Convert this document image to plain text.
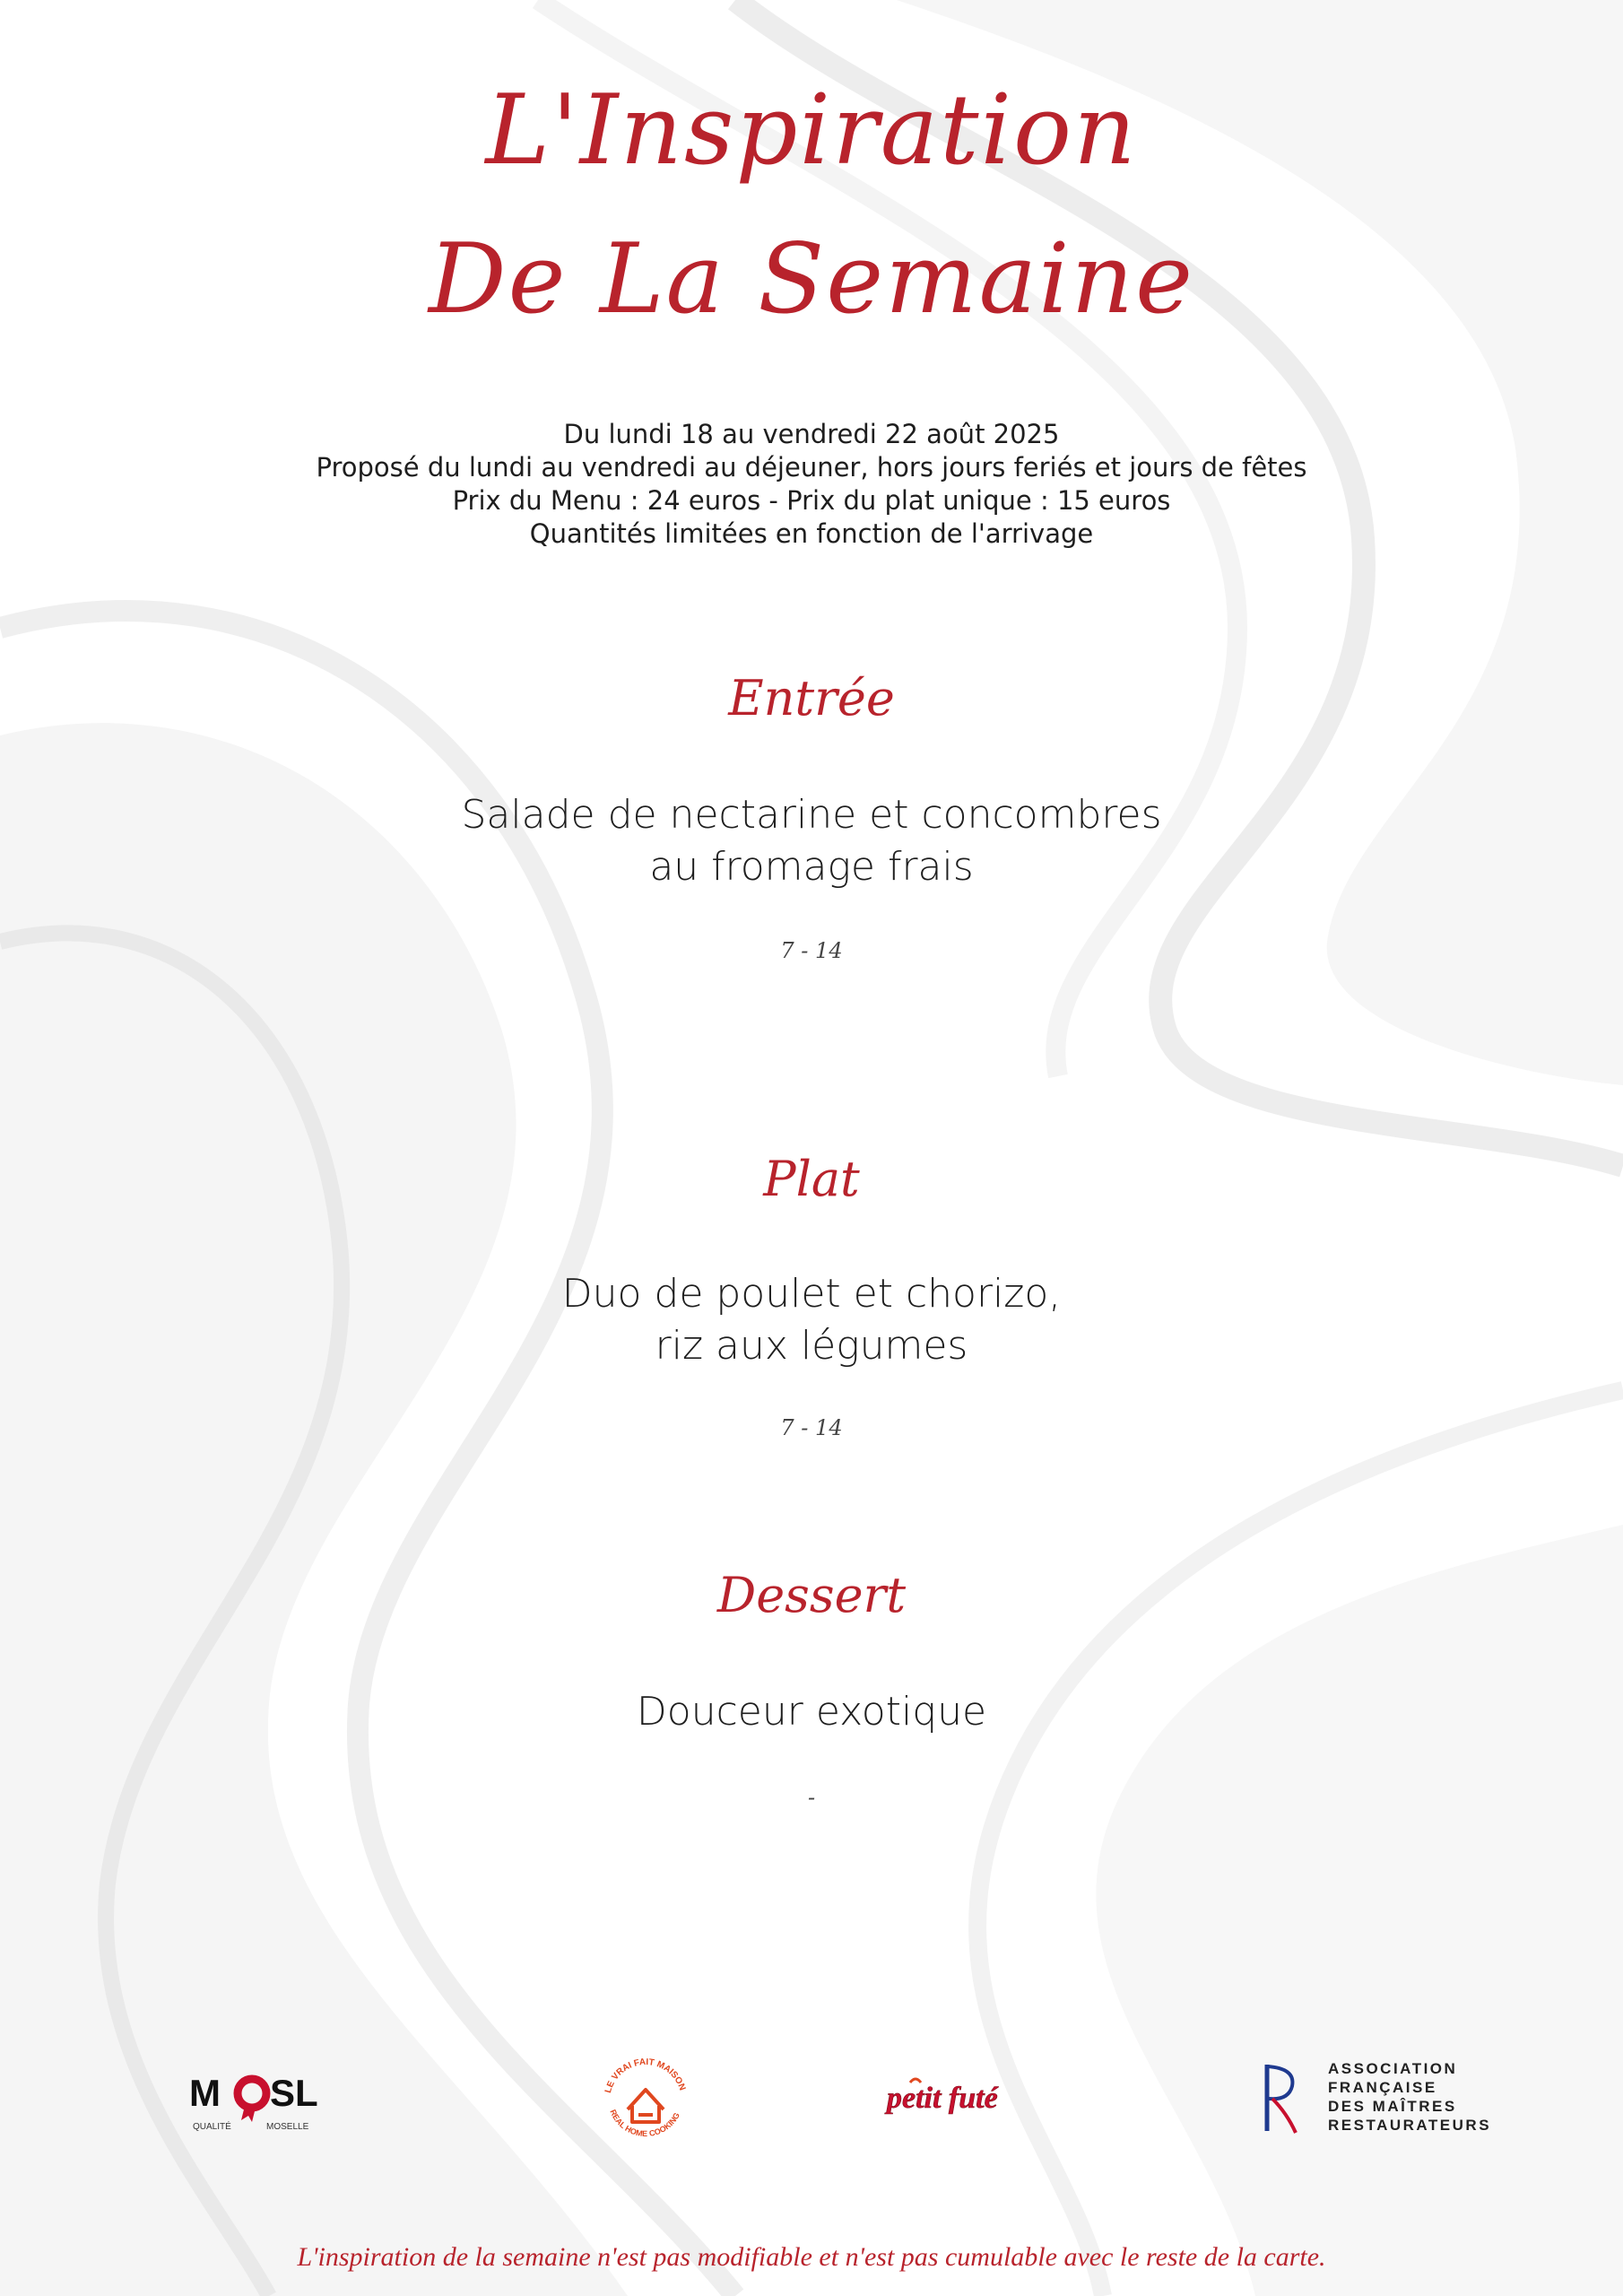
L'Inspiration
De La Semaine
Du lundi 18 au vendredi 22 août 2025
Proposé du lundi au vendredi au déjeuner, hors jours feriés et jours de fêtes
Prix du Menu : 24 euros - Prix du plat unique : 15 euros
Quantités limitées en fonction de l'arrivage
Entrée
Salade de nectarine et concombres
au fromage frais
7 - 14
Plat
Duo de poulet et chorizo,
riz aux légumes
7 - 14
Dessert
Douceur exotique
-
M SL
QUALITÉ	MOSELLE
LE VRAI FAIT MAISON
REAL HOME COOKING
petit futé
ASSOCIATION
FRANÇAISE
DES MAÎTRES
RESTAURATEURS
L'inspiration de la semaine n'est pas modifiable et n'est pas cumulable avec le reste de la carte.
